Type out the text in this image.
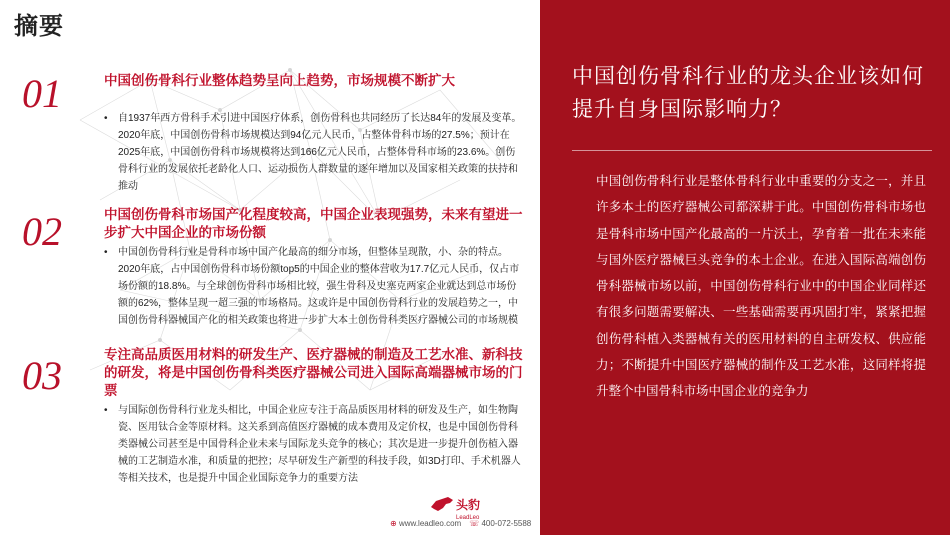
摘要
01	中国创伤骨科行业整体趋势呈向上趋势，市场规模不断扩大
•	自1937年西方骨科手术引进中国医疗体系，创伤骨科也共同经历了长达84年的发展及变革。2020年底，中国创伤骨科市场规模达到94亿元人民币，占整体骨科市场的27.5%；预计在2025年底，中国创伤骨科市场规模将达到166亿元人民币，占整体骨科市场的23.6%。创伤骨科行业的发展依托老龄化人口、运动损伤人群数量的逐年增加以及国家相关政策的扶持和推动
02	中国创伤骨科市场国产化程度较高，中国企业表现强势，未来有望进一步扩大中国企业的市场份额
•	中国创伤骨科行业是骨科市场中国产化最高的细分市场，但整体呈现散，小、杂的特点。2020年底，占中国创伤骨科市场份额top5的中国企业的整体营收为17.7亿元人民币，仅占市场份额的18.8%。与全球创伤骨科市场相比较，强生骨科及史塞克两家企业就达到总市场份额的62%，整体呈现一超三强的市场格局。这或许是中国创伤骨科行业的发展趋势之一，中国创伤骨科器械国产化的相关政策也将进一步扩大本土创伤骨科类医疗器械公司的市场规模
03	专注高品质医用材料的研发生产、医疗器械的制造及工艺水准、新科技的研发，将是中国创伤骨科类医疗器械公司进入国际高端器械市场的门票
•	与国际创伤骨科行业龙头相比，中国企业应专注于高品质医用材料的研发及生产，如生物陶瓷、医用钛合金等原材料。这关系到高值医疗器械的成本费用及定价权，也是中国创伤骨科类器械公司甚至是中国骨科企业未来与国际龙头竞争的核心；其次是进一步提升创伤植入器械的工艺制造水准，和质量的把控；尽早研发生产新型的科技手段，如3D打印、手术机器人等相关技术，也是提升中国企业国际竞争力的重要方法
头豹
LeadLeo
⊕ www.leadleo.com ☏ 400-072-5588
中国创伤骨科行业的龙头企业该如何提升自身国际影响力？
中国创伤骨科行业是整体骨科行业中重要的分支之一，并且许多本土的医疗器械公司都深耕于此。中国创伤骨科市场也是骨科市场中国产化最高的一片沃土，孕育着一批在未来能与国外医疗器械巨头竞争的本土企业。在进入国际高端创伤骨科器械市场以前，中国创伤骨科行业中的中国企业同样还有很多问题需要解决、一些基础需要再巩固打牢，紧紧把握创伤骨科植入类器械有关的医用材料的自主研发权、供应能力；不断提升中国医疗器械的制作及工艺水准，这同样将提升整个中国骨科市场中国企业的竞争力
